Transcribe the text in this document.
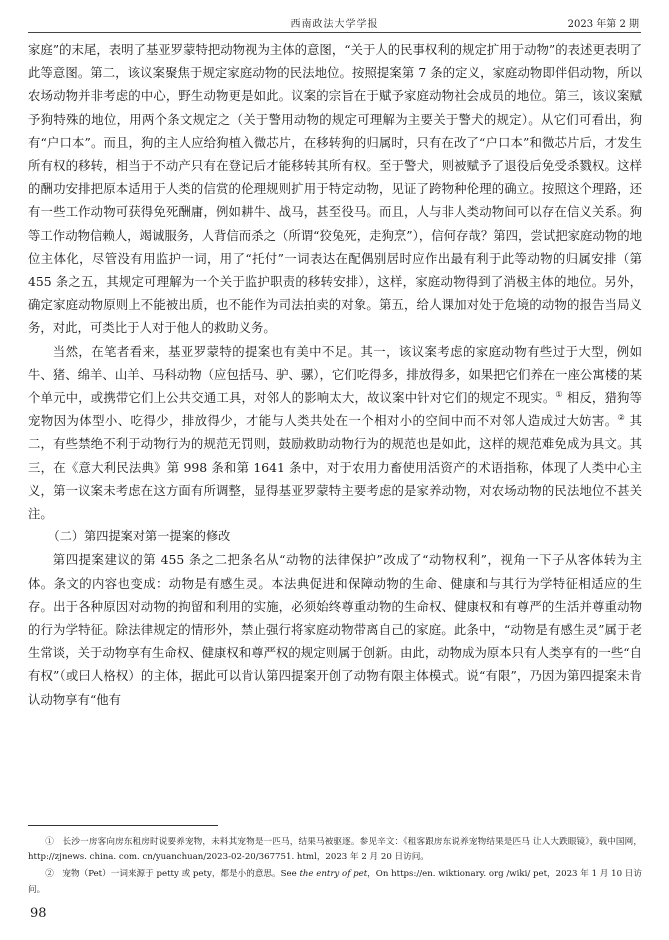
西南政法大学学报	2023 年第 2 期

家庭”的末尾，表明了基亚罗蒙特把动物视为主体的意图，“关于人的民事权利的规定扩用于动物”的表述更表明了此等意图。第二，该议案聚焦于规定家庭动物的民法地位。按照提案第 7 条的定义，家庭动物即伴侣动物，所以农场动物并非考虑的中心，野生动物更是如此。议案的宗旨在于赋予家庭动物社会成员的地位。第三，该议案赋予狗特殊的地位，用两个条文规定之（关于警用动物的规定可理解为主要关于警犬的规定）。从它们可看出，狗有“户口本”。而且，狗的主人应给狗植入微芯片，在移转狗的归属时，只有在改了“户口本”和微芯片后，才发生所有权的移转，相当于不动产只有在登记后才能移转其所有权。至于警犬，则被赋予了退役后免受杀戮权。这样的酬功安排把原本适用于人类的信赏的伦理规则扩用于特定动物，见证了跨物种伦理的确立。按照这个理路，还有一些工作动物可获得免死酬庸，例如耕牛、战马，甚至役马。而且，人与非人类动物间可以存在信义关系。狗等工作动物信赖人，竭诚服务，人背信而杀之（所谓“狡兔死，走狗烹”），信何存哉？第四，尝试把家庭动物的地位主体化，尽管没有用监护一词，用了“托付”一词表达在配偶别居时应作出最有利于此等动物的归属安排（第 455 条之五，其规定可理解为一个关于监护职责的移转安排），这样，家庭动物得到了消极主体的地位。另外，确定家庭动物原则上不能被出质，也不能作为司法拍卖的对象。第五，给人课加对处于危境的动物的报告当局义务，对此，可类比于人对于他人的救助义务。

当然，在笔者看来，基亚罗蒙特的提案也有美中不足。其一，该议案考虑的家庭动物有些过于大型，例如牛、猪、绵羊、山羊、马科动物（应包括马、驴、骡），它们吃得多，排放得多，如果把它们养在一座公寓楼的某个单元中，或携带它们上公共交通工具，对邻人的影响太大，故议案中针对它们的规定不现实。① 相反，猎狗等宠物因为体型小、吃得少，排放得少，才能与人类共处在一个相对小的空间中而不对邻人造成过大妨害。② 其二，有些禁绝不利于动物行为的规范无罚则，鼓励救助动物行为的规范也是如此，这样的规范难免成为具文。其三，在《意大利民法典》第 998 条和第 1641 条中，对于农用力畜使用活资产的术语指称，体现了人类中心主义，第一议案未考虑在这方面有所调整，显得基亚罗蒙特主要考虑的是家养动物，对农场动物的民法地位不甚关注。

（二）第四提案对第一提案的修改

第四提案建议的第 455 条之二把条名从“动物的法律保护”改成了“动物权利”，视角一下子从客体转为主体。条文的内容也变成：动物是有感生灵。本法典促进和保障动物的生命、健康和与其行为学特征相适应的生存。出于各种原因对动物的拘留和利用的实施，必须始终尊重动物的生命权、健康权和有尊严的生活并尊重动物的行为学特征。除法律规定的情形外，禁止强行将家庭动物带离自己的家庭。此条中，“动物是有感生灵”属于老生常谈，关于动物享有生命权、健康权和尊严权的规定则属于创新。由此，动物成为原本只有人类享有的一些“自有权”（或曰人格权）的主体，据此可以肯认第四提案开创了动物有限主体模式。说“有限”，乃因为第四提案未肯认动物享有“他有

①　长沙一房客向房东租房时说要养宠物，未料其宠物是一匹马，结果马被驱逐。参见辛文：《租客跟房东说养宠物结果是匹马 让人大跌眼镜》，载中国网，http://zjnews. china. com. cn/yuanchuan/2023-02-20/367751. html，2023 年 2 月 20 日访问。

②　宠物（Pet）一词来源于 petty 或 pety，都是小的意思。See the entry of pet，On https://en. wiktionary. org /wiki/ pet，2023 年 1 月 10 日访问。

98
